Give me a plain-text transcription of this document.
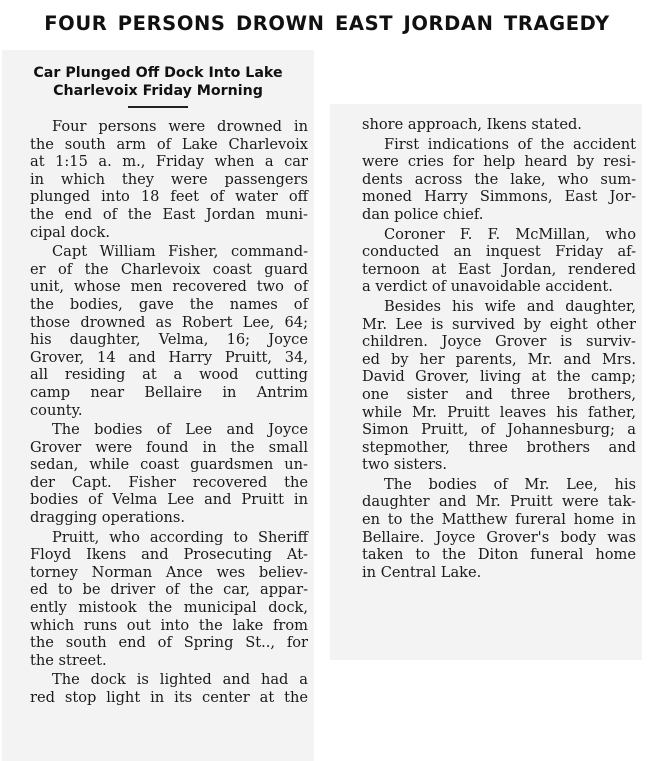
FOUR PERSONS DROWN EAST JORDAN TRAGEDY
Car Plunged Off Dock Into Lake
Charlevoix Friday Morning
Four persons were drowned in
the south arm of Lake Charlevoix
at 1:15 a. m., Friday when a car
in which they were passengers
plunged into 18 feet of water off
the end of the East Jordan muni-
cipal dock.
Capt William Fisher, command-
er of the Charlevoix coast guard
unit, whose men recovered two of
the bodies, gave the names of
those drowned as Robert Lee, 64;
his daughter, Velma, 16; Joyce
Grover, 14 and Harry Pruitt, 34,
all residing at a wood cutting
camp near Bellaire in Antrim
county.
The bodies of Lee and Joyce
Grover were found in the small
sedan, while coast guardsmen un-
der Capt. Fisher recovered the
bodies of Velma Lee and Pruitt in
dragging operations.
Pruitt, who according to Sheriff
Floyd Ikens and Prosecuting At-
torney Norman Ance wes believ-
ed to be driver of the car, appar-
ently mistook the municipal dock,
which runs out into the lake from
the south end of Spring St.., for
the street.
The dock is lighted and had a
red stop light in its center at the
shore approach, Ikens stated.
First indications of the accident
were cries for help heard by resi-
dents across the lake, who sum-
moned Harry Simmons, East Jor-
dan police chief.
Coroner F. F. McMillan, who
conducted an inquest Friday af-
ternoon at East Jordan, rendered
a verdict of unavoidable accident.
Besides his wife and daughter,
Mr. Lee is survived by eight other
children. Joyce Grover is surviv-
ed by her parents, Mr. and Mrs.
David Grover, living at the camp;
one sister and three brothers,
while Mr. Pruitt leaves his father,
Simon Pruitt, of Johannesburg; a
stepmother, three brothers and
two sisters.
The bodies of Mr. Lee, his
daughter and Mr. Pruitt were tak-
en to the Matthew fureral home in
Bellaire. Joyce Grover's body was
taken to the Diton funeral home
in Central Lake.
